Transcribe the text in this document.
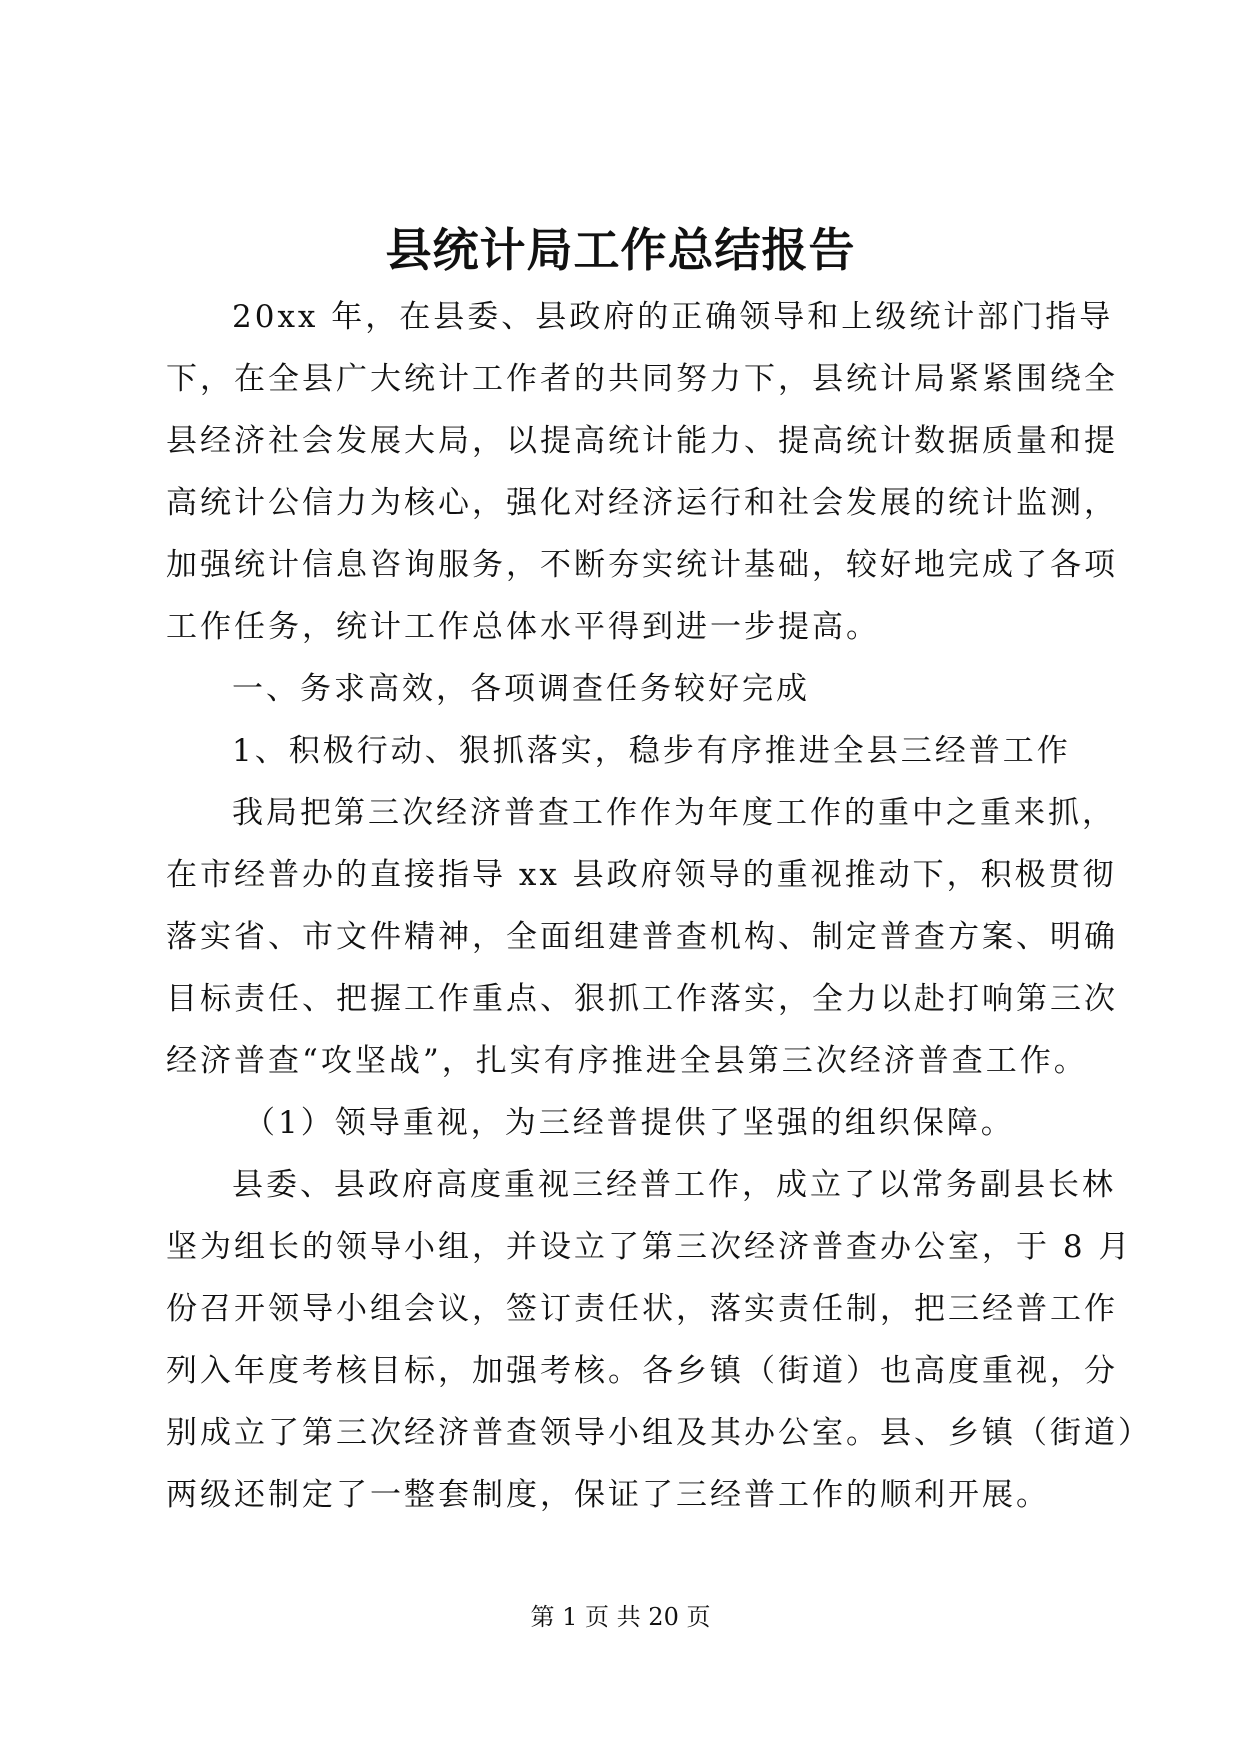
县统计局工作总结报告
20xx 年，在县委、县政府的正确领导和上级统计部门指导
下，在全县广大统计工作者的共同努力下，县统计局紧紧围绕全
县经济社会发展大局，以提高统计能力、提高统计数据质量和提
高统计公信力为核心，强化对经济运行和社会发展的统计监测，
加强统计信息咨询服务，不断夯实统计基础，较好地完成了各项
工作任务，统计工作总体水平得到进一步提高。
一、务求高效，各项调查任务较好完成
1、积极行动、狠抓落实，稳步有序推进全县三经普工作
我局把第三次经济普查工作作为年度工作的重中之重来抓，
在市经普办的直接指导 xx 县政府领导的重视推动下，积极贯彻
落实省、市文件精神，全面组建普查机构、制定普查方案、明确
目标责任、把握工作重点、狠抓工作落实，全力以赴打响第三次
经济普查“攻坚战”，扎实有序推进全县第三次经济普查工作。
（1）领导重视，为三经普提供了坚强的组织保障。
县委、县政府高度重视三经普工作，成立了以常务副县长林
坚为组长的领导小组，并设立了第三次经济普查办公室，于 8 月
份召开领导小组会议，签订责任状，落实责任制，把三经普工作
列入年度考核目标，加强考核。各乡镇（街道）也高度重视，分
别成立了第三次经济普查领导小组及其办公室。县、乡镇（街道）
两级还制定了一整套制度，保证了三经普工作的顺利开展。

第 1 页 共 20 页
